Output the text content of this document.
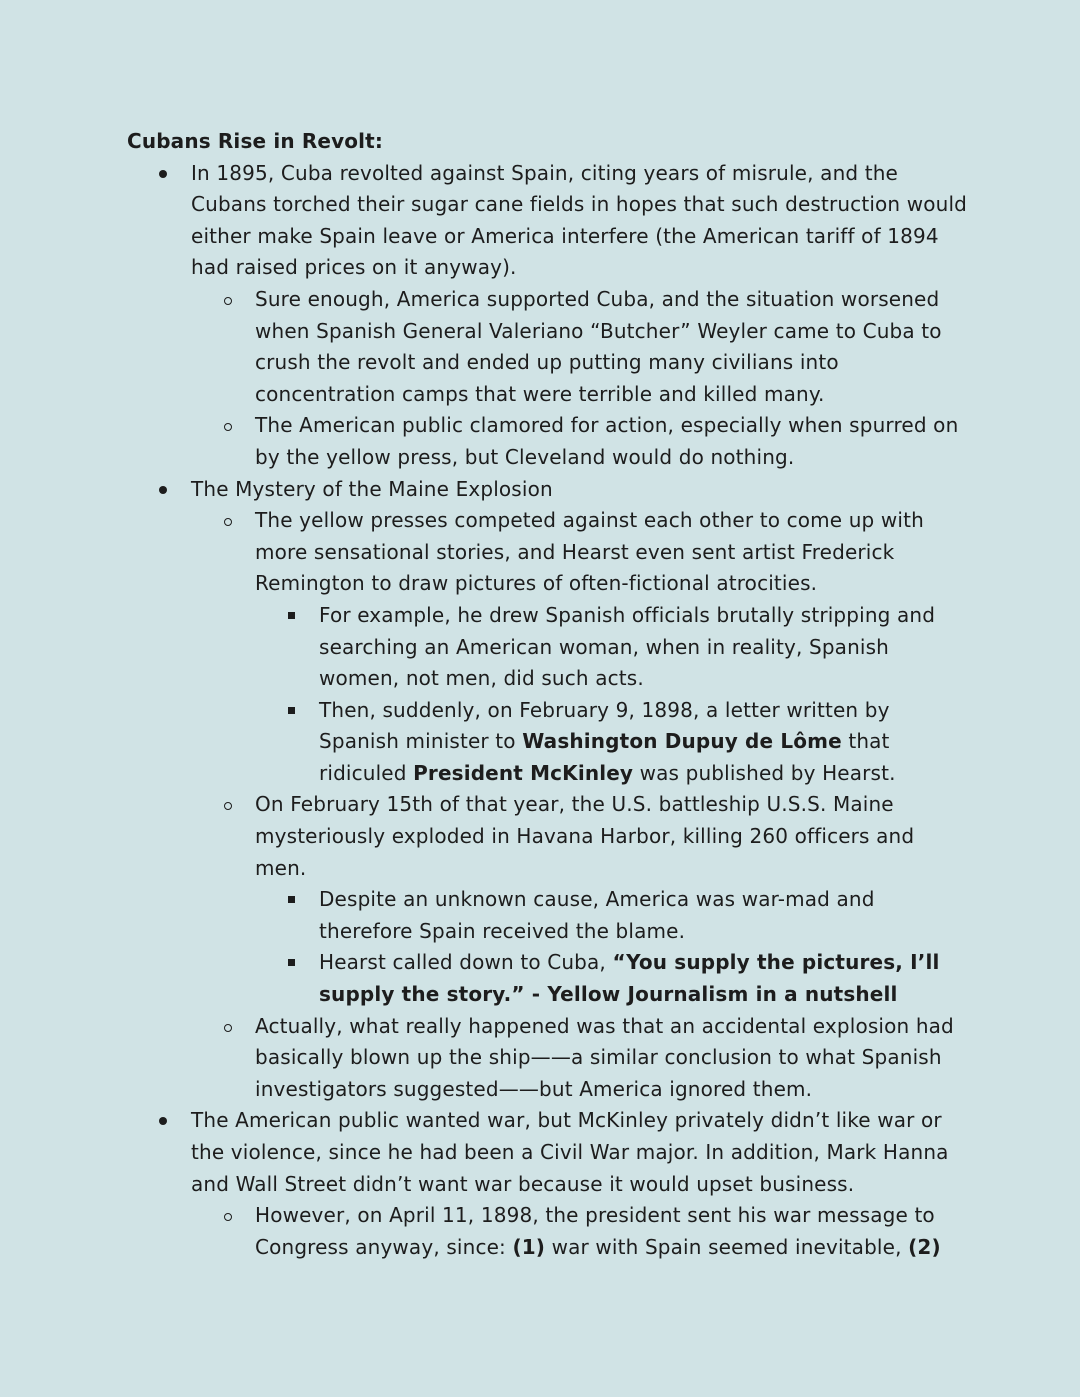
Cubans Rise in Revolt:

In 1895, Cuba revolted against Spain, citing years of misrule, and the Cubans torched their sugar cane fields in hopes that such destruction would either make Spain leave or America interfere (the American tariff of 1894 had raised prices on it anyway).
Sure enough, America supported Cuba, and the situation worsened when Spanish General Valeriano “Butcher” Weyler came to Cuba to crush the revolt and ended up putting many civilians into concentration camps that were terrible and killed many.
The American public clamored for action, especially when spurred on by the yellow press, but Cleveland would do nothing.
The Mystery of the Maine Explosion
The yellow presses competed against each other to come up with more sensational stories, and Hearst even sent artist Frederick Remington to draw pictures of often-fictional atrocities.
For example, he drew Spanish officials brutally stripping and searching an American woman, when in reality, Spanish women, not men, did such acts.
Then, suddenly, on February 9, 1898, a letter written by Spanish minister to Washington Dupuy de Lôme that ridiculed President McKinley was published by Hearst.
On February 15th of that year, the U.S. battleship U.S.S. Maine mysteriously exploded in Havana Harbor, killing 260 officers and men.
Despite an unknown cause, America was war-mad and therefore Spain received the blame.
Hearst called down to Cuba, “You supply the pictures, I’ll supply the story.” - Yellow Journalism in a nutshell
Actually, what really happened was that an accidental explosion had basically blown up the ship——a similar conclusion to what Spanish investigators suggested——but America ignored them.
The American public wanted war, but McKinley privately didn’t like war or the violence, since he had been a Civil War major. In addition, Mark Hanna and Wall Street didn’t want war because it would upset business.
However, on April 11, 1898, the president sent his war message to Congress anyway, since: (1) war with Spain seemed inevitable, (2)
